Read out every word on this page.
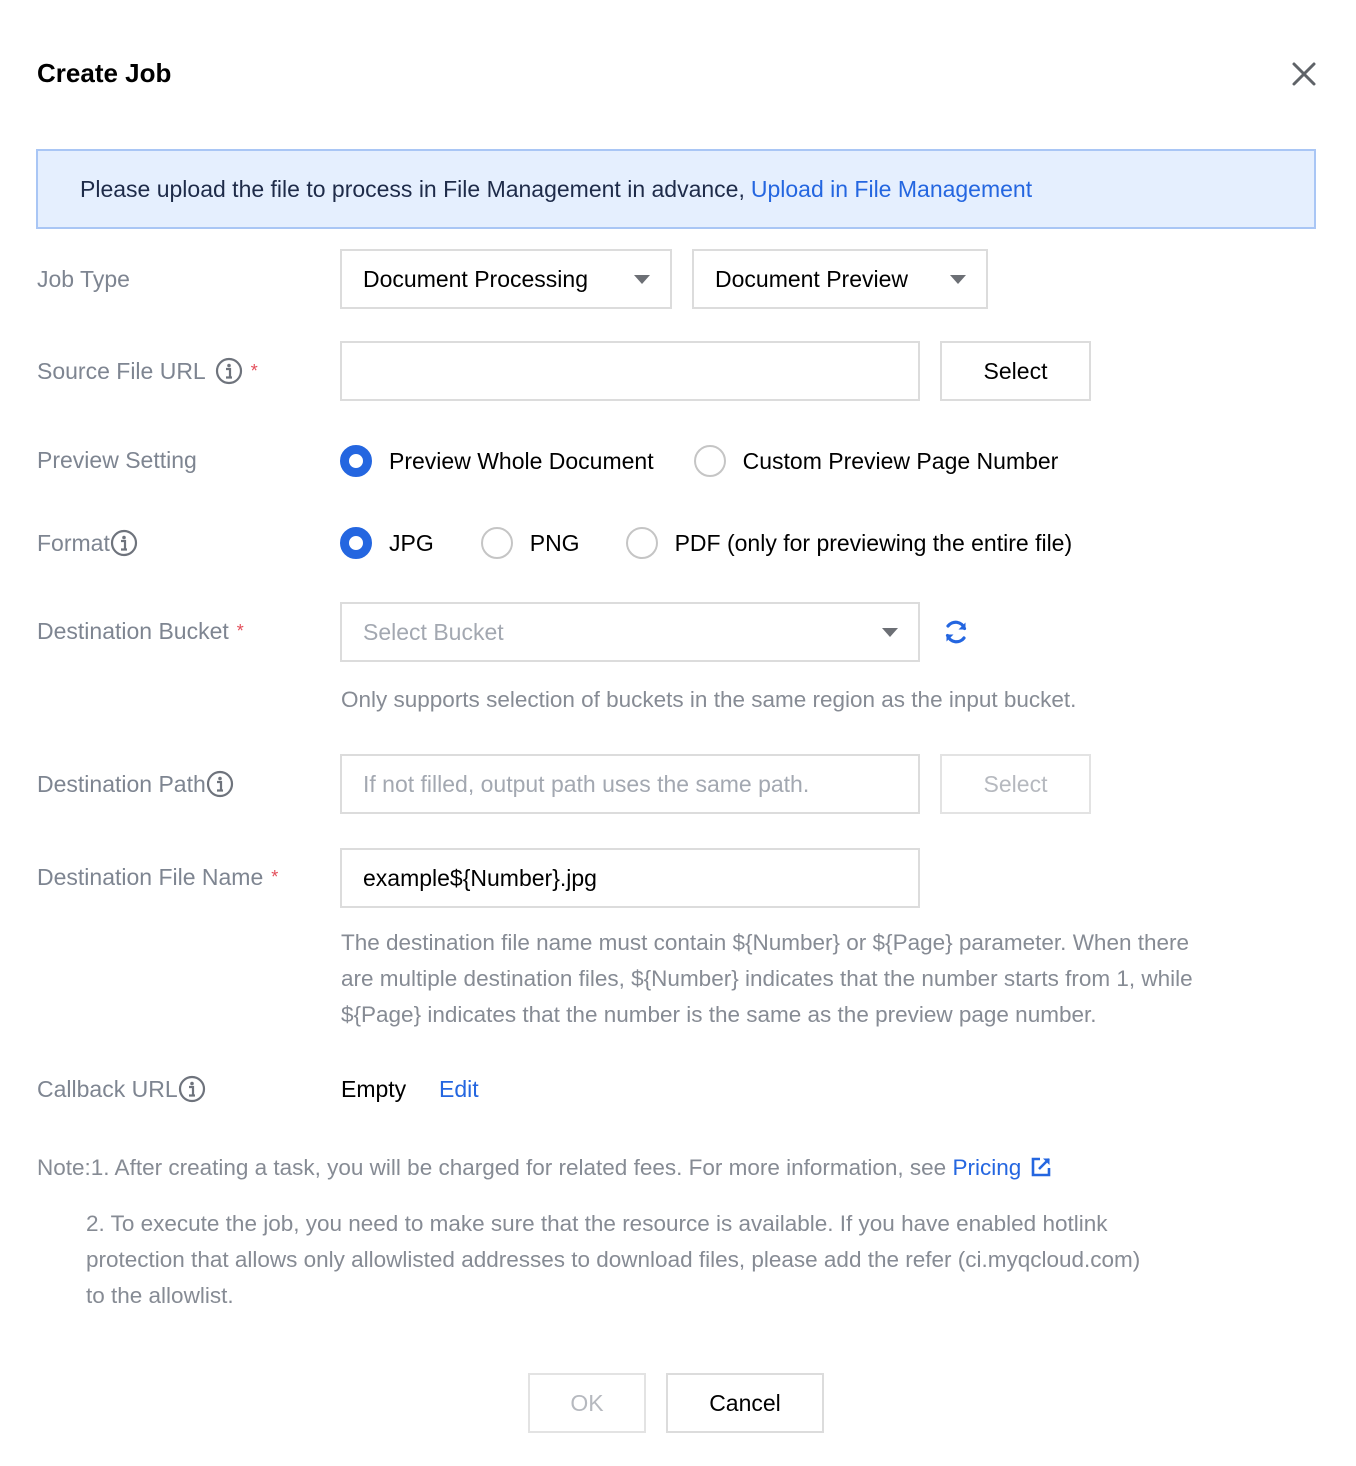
Create Job
Please upload the file to process in File Management in advance, Upload in File Management
Job Type	Document Processing	Document Preview
Source File URL	*	Select
Preview Setting	Preview Whole Document	Custom Preview Page Number
Format	JPG	PNG	PDF (only for previewing the entire file)
Destination Bucket *	Select Bucket
Only supports selection of buckets in the same region as the input bucket.
Destination Path	If not filled, output path uses the same path.	Select
Destination File Name *	example${Number}.jpg
The destination file name must contain ${Number} or ${Page} parameter. When there
are multiple destination files, ${Number} indicates that the number starts from 1, while
${Page} indicates that the number is the same as the preview page number.
Callback URL	Empty Edit
Note:1. After creating a task, you will be charged for related fees. For more information, see Pricing
2. To execute the job, you need to make sure that the resource is available. If you have enabled hotlink
protection that allows only allowlisted addresses to download files, please add the refer (ci.myqcloud.com)
to the allowlist.
OK	Cancel
